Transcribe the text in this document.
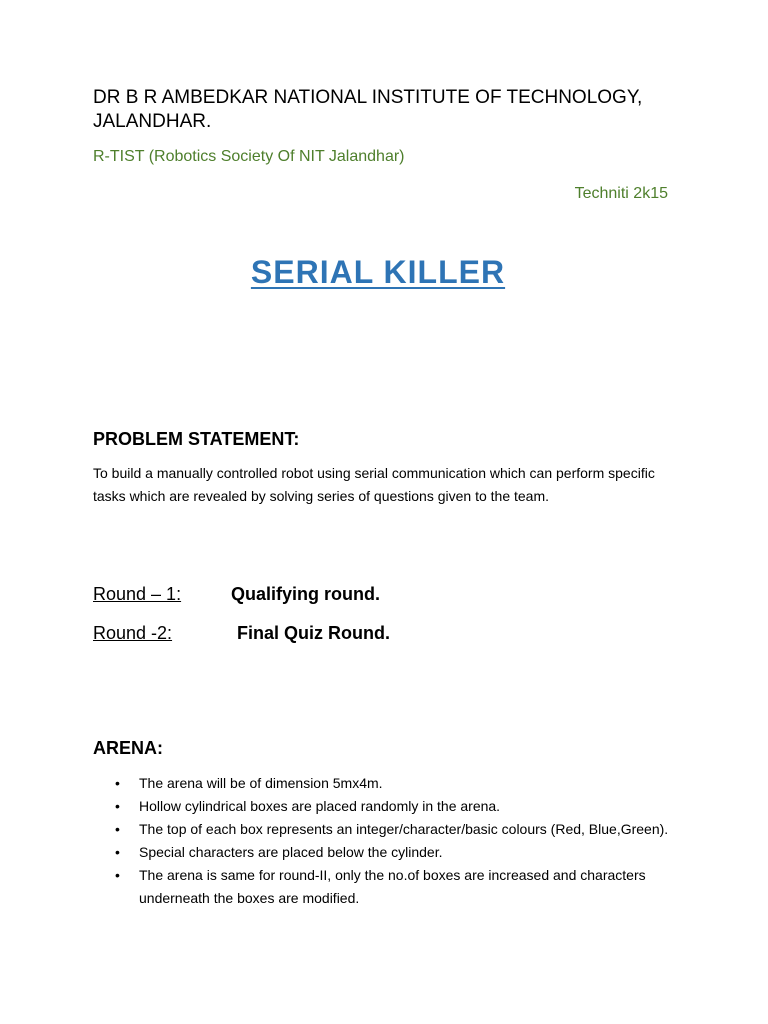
DR B R AMBEDKAR NATIONAL INSTITUTE OF TECHNOLOGY, JALANDHAR.

R-TIST (Robotics Society Of NIT Jalandhar)

Techniti 2k15

SERIAL KILLER
PROBLEM STATEMENT:

To build a manually controlled robot using serial communication which can perform specific tasks which are revealed by solving series of questions given to the team.

Round – 1:	Qualifying round.
Round -2:	Final Quiz Round.
ARENA:
• The arena will be of dimension 5mx4m.
• Hollow cylindrical boxes are placed randomly in the arena.
• The top of each box represents an integer/character/basic colours (Red, Blue,Green).
• Special characters are placed below the cylinder.
• The arena is same for round-II, only the no.of boxes are increased and characters underneath the boxes are modified.
